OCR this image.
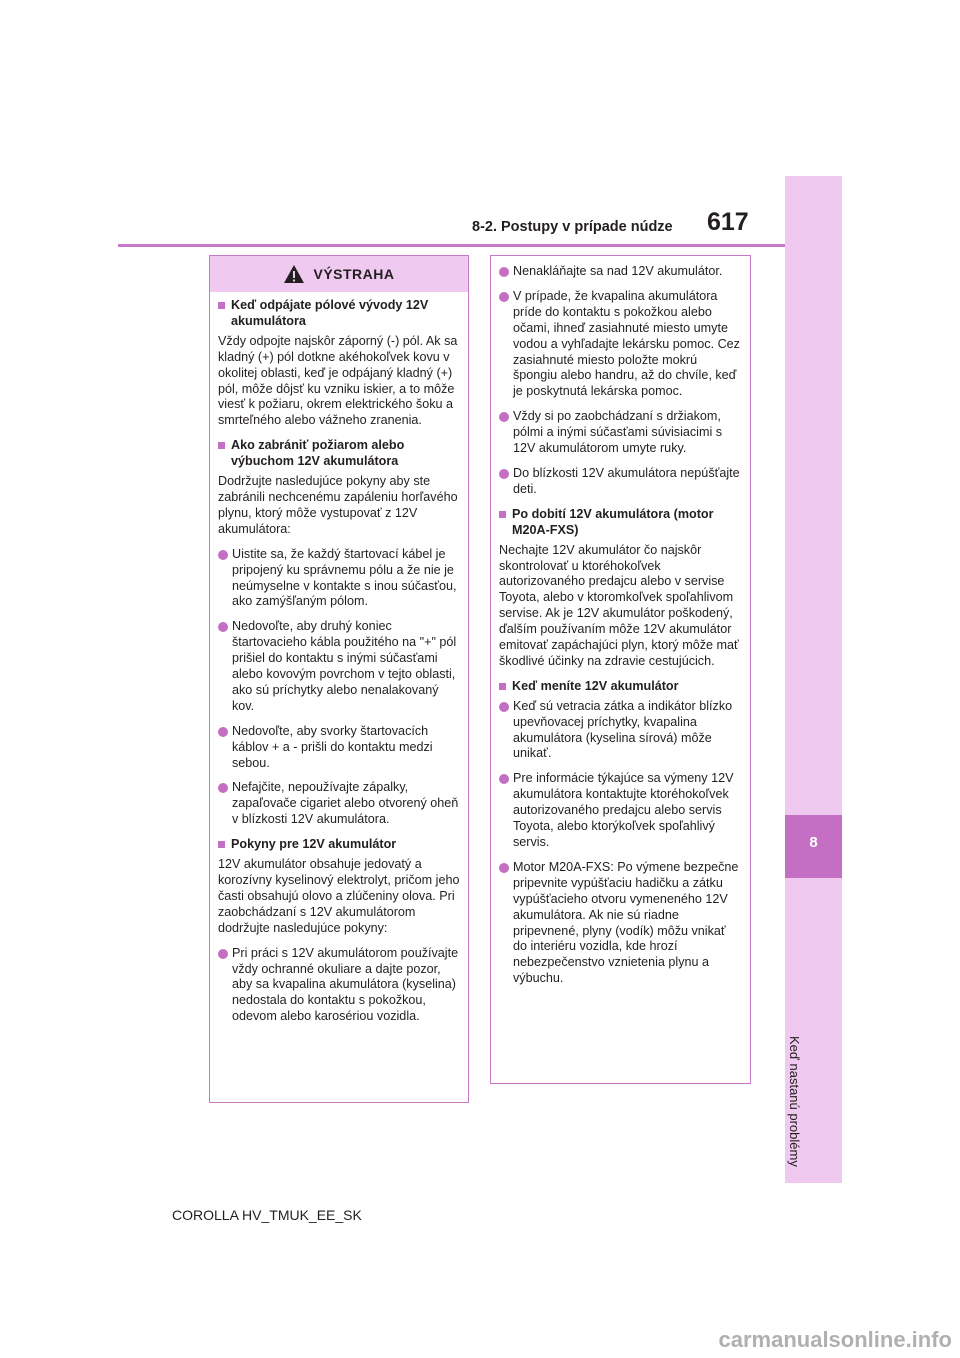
8-2. Postupy v prípade núdze 617
8
Keď nastanú problémy
VÝSTRAHA
Keď odpájate pólové vývody 12V akumulátora
Vždy odpojte najskôr záporný (-) pól. Ak sa kladný (+) pól dotkne akéhokoľvek kovu v okolitej oblasti, keď je odpájaný kladný (+) pól, môže dôjsť ku vzniku iskier, a to môže viesť k požiaru, okrem elektrického šoku a smrteľného alebo vážneho zranenia.
Ako zabrániť požiarom alebo výbuchom 12V akumulátora
Dodržujte nasledujúce pokyny aby ste zabránili nechcenému zapáleniu horľavého plynu, ktorý môže vystupovať z 12V akumulátora:
Uistite sa, že každý štartovací kábel je pripojený ku správnemu pólu a že nie je neúmyselne v kontakte s inou súčasťou, ako zamýšľaným pólom.
Nedovoľte, aby druhý koniec štartovacieho kábla použitého na "+" pól prišiel do kontaktu s inými súčasťami alebo kovovým povrchom v tejto oblasti, ako sú príchytky alebo nenalakovaný kov.
Nedovoľte, aby svorky štartovacích káblov + a - prišli do kontaktu medzi sebou.
Nefajčite, nepoužívajte zápalky, zapaľovače cigariet alebo otvorený oheň v blízkosti 12V akumulátora.
Pokyny pre 12V akumulátor
12V akumulátor obsahuje jedovatý a korozívny kyselinový elektrolyt, pričom jeho časti obsahujú olovo a zlúčeniny olova. Pri zaobchádzaní s 12V akumulátorom dodržujte nasledujúce pokyny:
Pri práci s 12V akumulátorom používajte vždy ochranné okuliare a dajte pozor, aby sa kvapalina akumulátora (kyselina) nedostala do kontaktu s pokožkou, odevom alebo karosériou vozidla.
Nenakláňajte sa nad 12V akumulátor.
V prípade, že kvapalina akumulátora príde do kontaktu s pokožkou alebo očami, ihneď zasiahnuté miesto umyte vodou a vyhľadajte lekársku pomoc. Cez zasiahnuté miesto položte mokrú špongiu alebo handru, až do chvíle, keď je poskytnutá lekárska pomoc.
Vždy si po zaobchádzaní s držiakom, pólmi a inými súčasťami súvisiacimi s 12V akumulátorom umyte ruky.
Do blízkosti 12V akumulátora nepúšťajte deti.
Po dobití 12V akumulátora (motor M20A-FXS)
Nechajte 12V akumulátor čo najskôr skontrolovať u ktoréhokoľvek autorizovaného predajcu alebo v servise Toyota, alebo v ktoromkoľvek spoľahlivom servise. Ak je 12V akumulátor poškodený, ďalším používaním môže 12V akumulátor emitovať zapáchajúci plyn, ktorý môže mať škodlivé účinky na zdravie cestujúcich.
Keď meníte 12V akumulátor
Keď sú vetracia zátka a indikátor blízko upevňovacej príchytky, kvapalina akumulátora (kyselina sírová) môže unikať.
Pre informácie týkajúce sa výmeny 12V akumulátora kontaktujte ktoréhokoľvek autorizovaného predajcu alebo servis Toyota, alebo ktorýkoľvek spoľahlivý servis.
Motor M20A-FXS: Po výmene bezpečne pripevnite vypúšťaciu hadičku a zátku vypúšťacieho otvoru vymeneného 12V akumulátora. Ak nie sú riadne pripevnené, plyny (vodík) môžu vnikať do interiéru vozidla, kde hrozí nebezpečenstvo vznietenia plynu a výbuchu.
COROLLA HV_TMUK_EE_SK
carmanualsonline.info
